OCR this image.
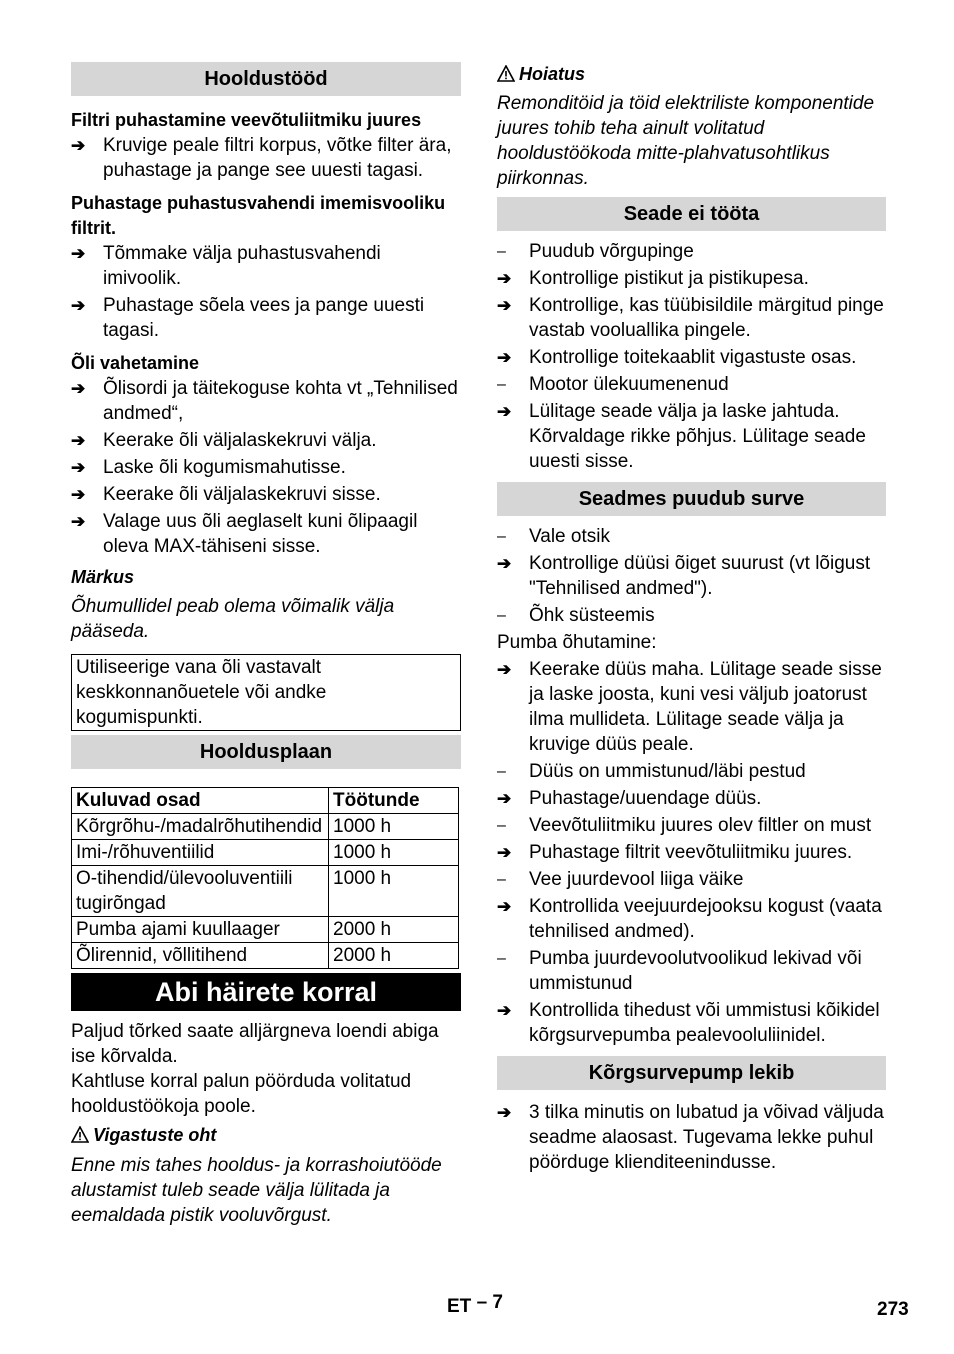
Hooldustööd
Filtri puhastamine veevõtuliitmiku juures
➔ Kruvige peale filtri korpus, võtke filter ära, puhastage ja pange see uuesti tagasi.
Puhastage puhastusvahendi imemisvooliku filtrit.
➔ Tõmmake välja puhastusvahendi imivoolik.
➔ Puhastage sõela vees ja pange uuesti tagasi.
Õli vahetamine
➔ Õlisordi ja täitekoguse kohta vt „Tehnilised andmed“,
➔ Keerake õli väljalaskekruvi välja.
➔ Laske õli kogumismahutisse.
➔ Keerake õli väljalaskekruvi sisse.
➔ Valage uus õli aeglaselt kuni õlipaagil oleva MAX-tähiseni sisse.
Märkus
Õhumullidel peab olema võimalik välja pääseda.
Utiliseerige vana õli vastavalt keskkonnanõuetele või andke kogumispunkti.
Hooldusplaan
Kuluvad osad	Töötunde
Kõrgrõhu-/madalrõhutihendid	1000 h
Imi-/rõhuventiilid	1000 h
O-tihendid/ülevooluventiili tugirõngad	1000 h
Pumba ajami kuullaager	2000 h
Õlirennid, võllitihend	2000 h
Abi häirete korral
Paljud tõrked saate alljärgneva loendi abiga ise kõrvalda.
Kahtluse korral palun pöörduda volitatud hooldustöökoja poole.
Vigastuste oht
Enne mis tahes hooldus- ja korrashoiutööde alustamist tuleb seade välja lülitada ja eemaldada pistik vooluvõrgust.
Hoiatus
Remonditöid ja töid elektriliste komponentide juures tohib teha ainult volitatud hooldustöökoda mitte-plahvatusohtlikus piirkonnas.
Seade ei tööta
–	Puudub võrgupinge
➔ Kontrollige pistikut ja pistikupesa.
➔ Kontrollige, kas tüübisildile märgitud pinge vastab vooluallika pingele.
➔ Kontrollige toitekaablit vigastuste osas.
–	Mootor ülekuumenenud
➔ Lülitage seade välja ja laske jahtuda. Kõrvaldage rikke põhjus. Lülitage seade uuesti sisse.
Seadmes puudub surve
–	Vale otsik
➔ Kontrollige düüsi õiget suurust (vt lõigust "Tehnilised andmed").
–	Õhk süsteemis
Pumba õhutamine:
➔ Keerake düüs maha. Lülitage seade sisse ja laske joosta, kuni vesi väljub joatorust ilma mullideta. Lülitage seade välja ja kruvige düüs peale.
–	Düüs on ummistunud/läbi pestud
➔ Puhastage/uuendage düüs.
–	Veevõtuliitmiku juures olev filtler on must
➔ Puhastage filtrit veevõtuliitmiku juures.
–	Vee juurdevool liiga väike
➔ Kontrollida veejuurdejooksu kogust (vaata tehnilised andmed).
–	Pumba juurdevoolutvoolikud lekivad või ummistunud
➔ Kontrollida tihedust või ummistusi kõikidel kõrgsurvepumba pealevooluliinidel.
Kõrgsurvepump lekib
➔ 3 tilka minutis on lubatud ja võivad väljuda seadme alaosast. Tugevama lekke puhul pöörduge klienditeenindusse.
ET – 7	273
